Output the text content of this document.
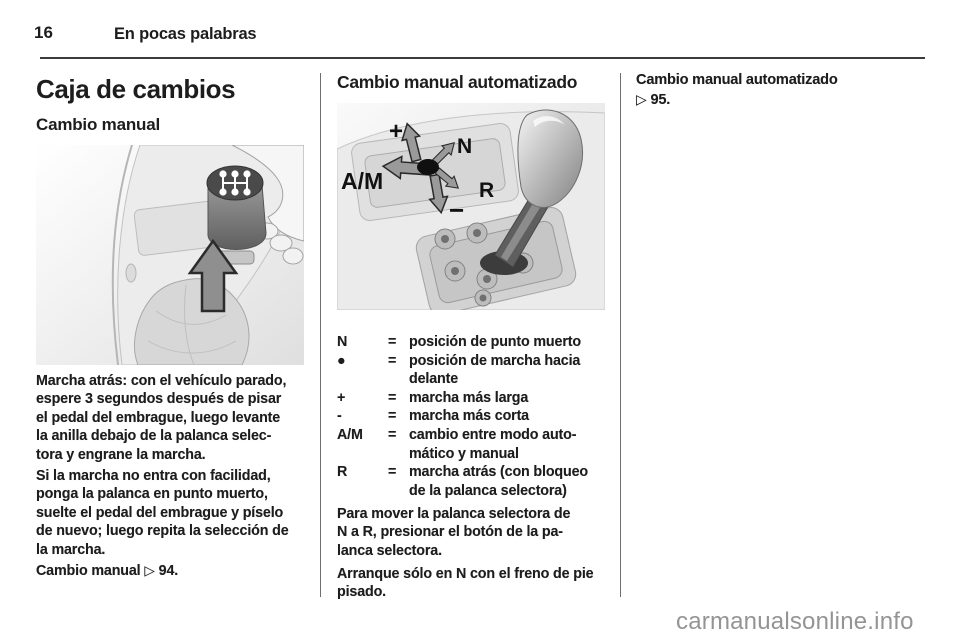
16	En pocas palabras
Caja de cambios
Cambio manual
Marcha atrás: con el vehículo parado,
espere 3 segundos después de pisar
el pedal del embrague, luego levante
la anilla debajo de la palanca selec-
tora y engrane la marcha.
Si la marcha no entra con facilidad,
ponga la palanca en punto muerto,
suelte el pedal del embrague y píselo
de nuevo; luego repita la selección de
la marcha.
Cambio manual ▷ 94.
Cambio manual automatizado
+
N
A/M	R
−
N	= posición de punto muerto
●	= posición de marcha hacia
delante
+	= marcha más larga
-	= marcha más corta
A/M	= cambio entre modo auto-
mático y manual
R	= marcha atrás (con bloqueo
de la palanca selectora)
Para mover la palanca selectora de
N a R, presionar el botón de la pa-
lanca selectora.
Arranque sólo en N con el freno de pie
pisado.
Cambio manual automatizado
▷ 95.
carmanualsonline.info
